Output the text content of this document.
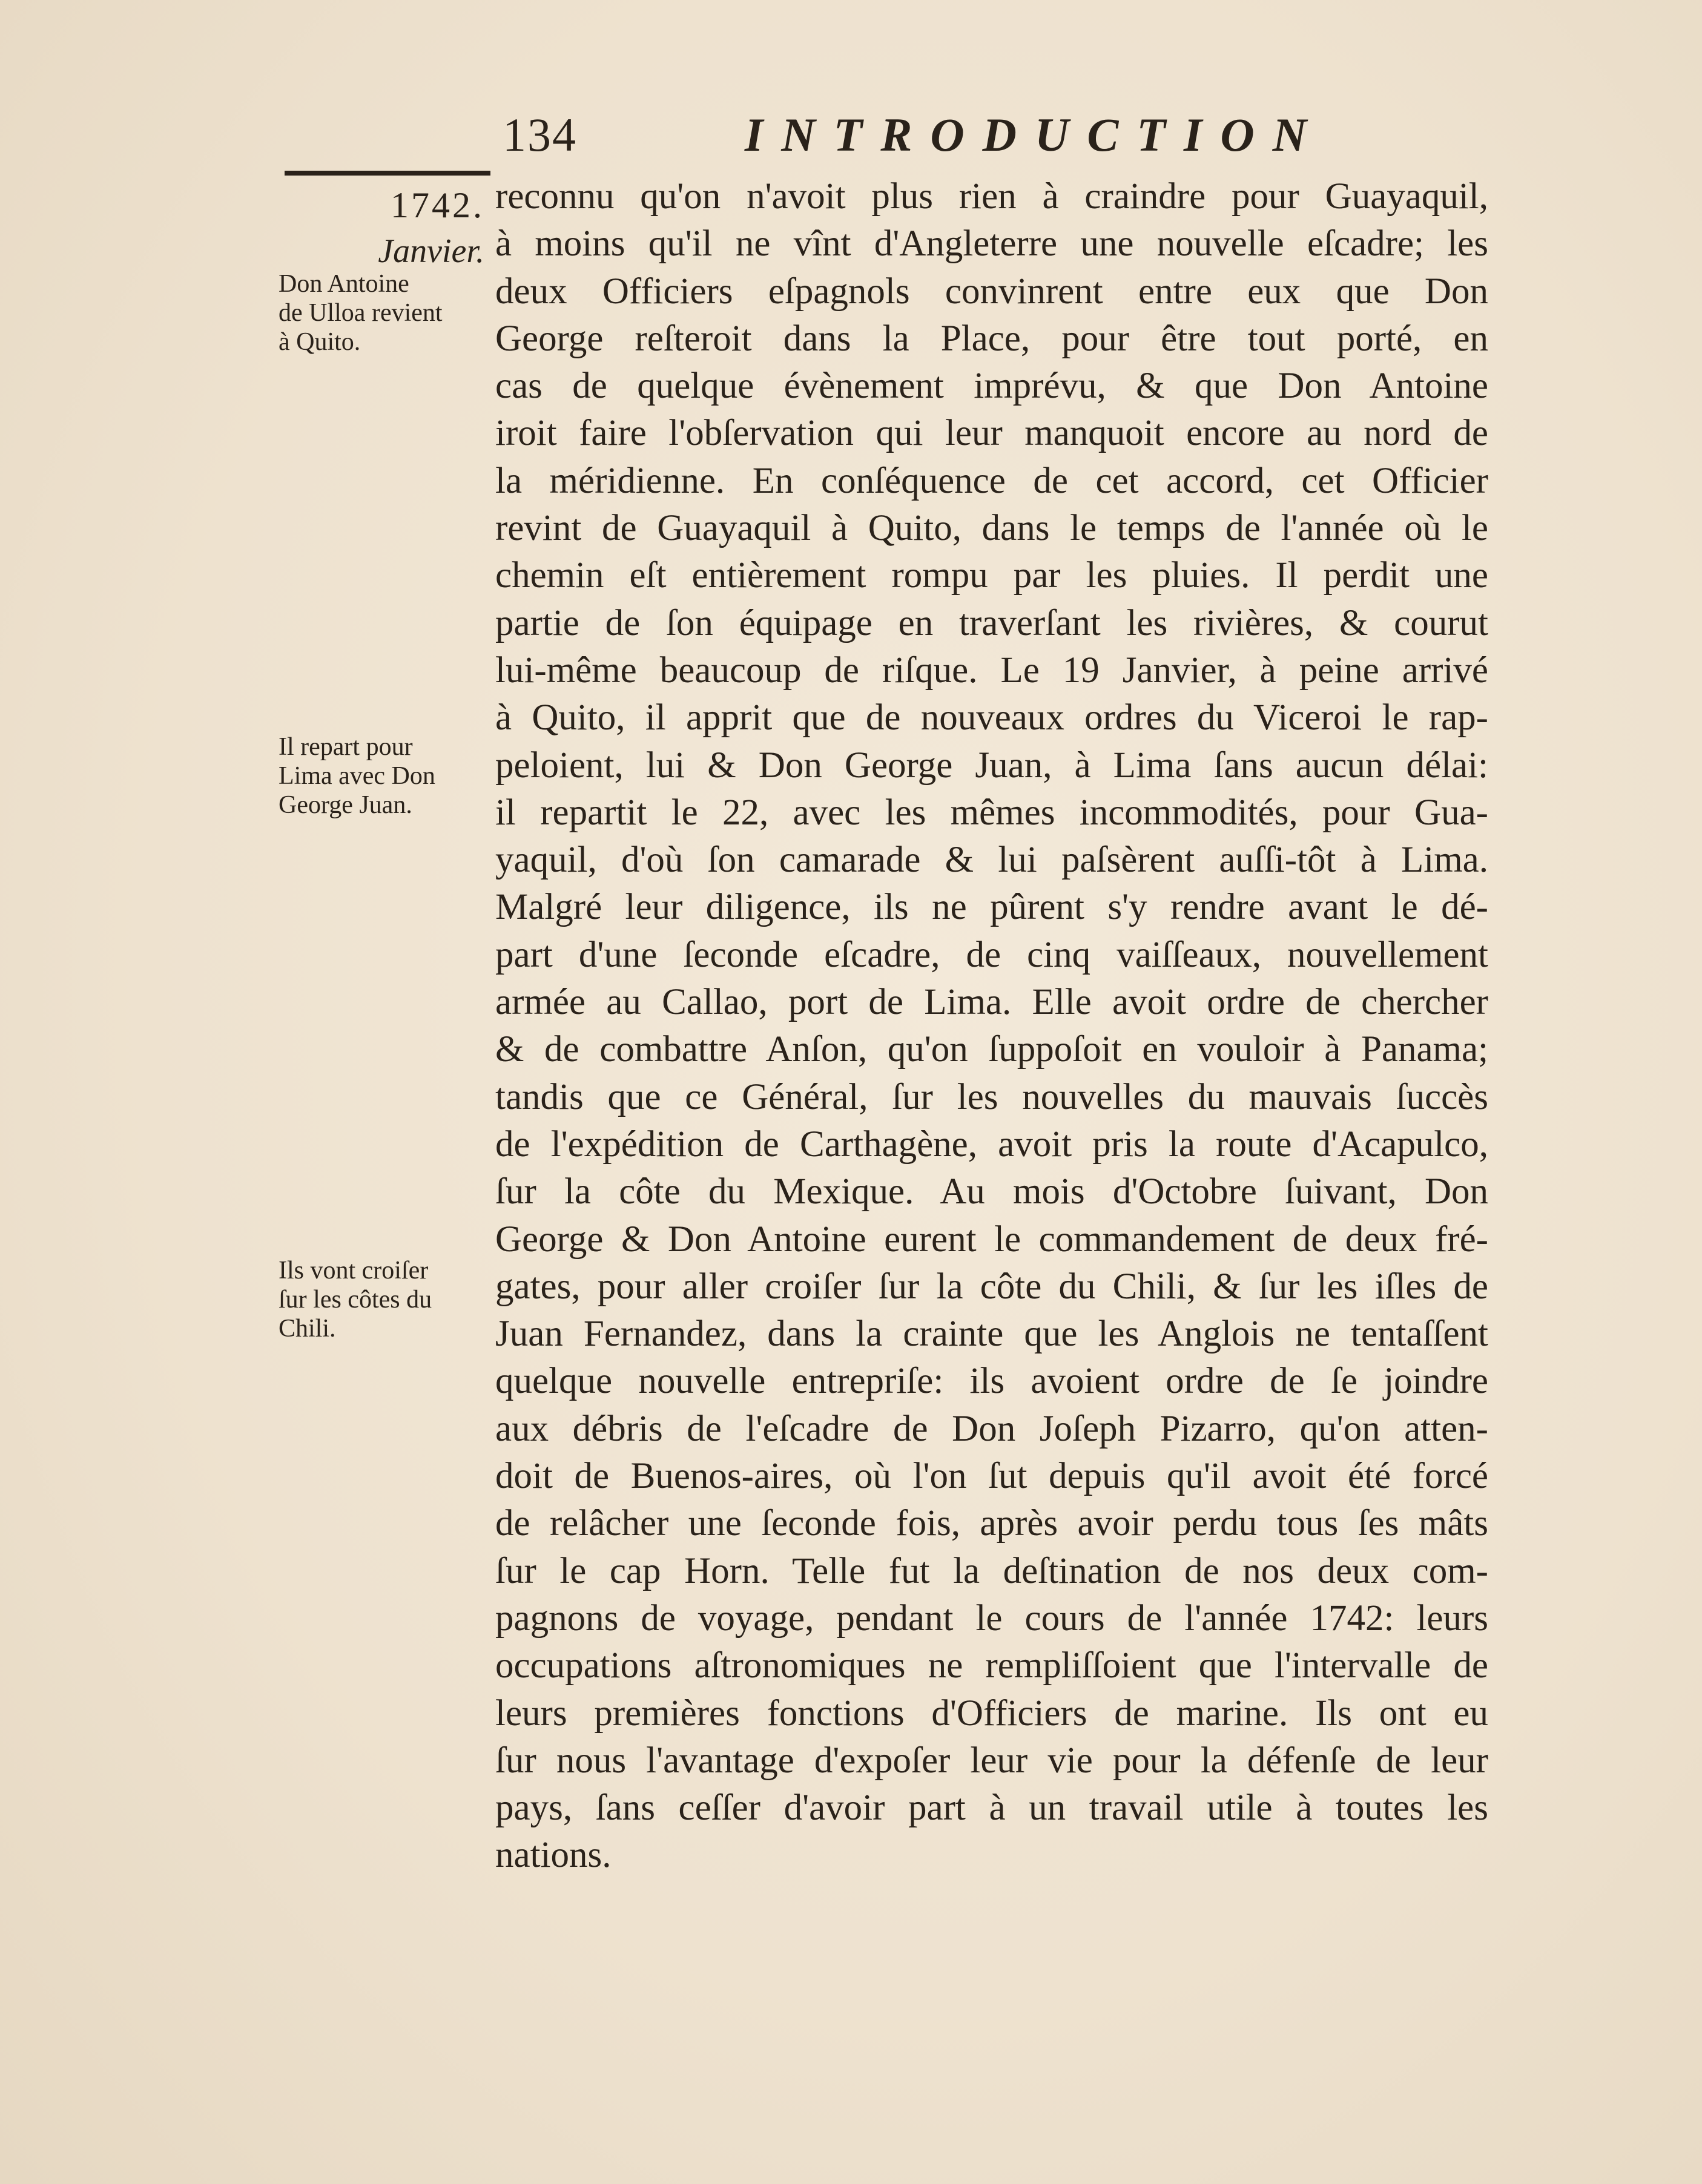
134	INTRODUCTION
1742.
Janvier.
Don Antoine
de Ulloa revient
à Quito.
Il repart pour
Lima avec Don
George Juan.
Ils vont croiſer
ſur les côtes du
Chili.
reconnu qu'on n'avoit plus rien à craindre pour Guayaquil,
à moins qu'il ne vînt d'Angleterre une nouvelle eſcadre; les
deux Officiers eſpagnols convinrent entre eux que Don
George reſteroit dans la Place, pour être tout porté, en
cas de quelque évènement imprévu, & que Don Antoine
iroit faire l'obſervation qui leur manquoit encore au nord de
la méridienne. En conſéquence de cet accord, cet Officier
revint de Guayaquil à Quito, dans le temps de l'année où le
chemin eſt entièrement rompu par les pluies. Il perdit une
partie de ſon équipage en traverſant les rivières, & courut
lui-même beaucoup de riſque. Le 19 Janvier, à peine arrivé
à Quito, il apprit que de nouveaux ordres du Viceroi le rap-
peloient, lui & Don George Juan, à Lima ſans aucun délai:
il repartit le 22, avec les mêmes incommodités, pour Gua-
yaquil, d'où ſon camarade & lui paſsèrent auſſi-tôt à Lima.
Malgré leur diligence, ils ne pûrent s'y rendre avant le dé-
part d'une ſeconde eſcadre, de cinq vaiſſeaux, nouvellement
armée au Callao, port de Lima. Elle avoit ordre de chercher
& de combattre Anſon, qu'on ſuppoſoit en vouloir à Panama;
tandis que ce Général, ſur les nouvelles du mauvais ſuccès
de l'expédition de Carthagène, avoit pris la route d'Acapulco,
ſur la côte du Mexique. Au mois d'Octobre ſuivant, Don
George & Don Antoine eurent le commandement de deux fré-
gates, pour aller croiſer ſur la côte du Chili, & ſur les iſles de
Juan Fernandez, dans la crainte que les Anglois ne tentaſſent
quelque nouvelle entrepriſe: ils avoient ordre de ſe joindre
aux débris de l'eſcadre de Don Joſeph Pizarro, qu'on atten-
doit de Buenos-aires, où l'on ſut depuis qu'il avoit été forcé
de relâcher une ſeconde fois, après avoir perdu tous ſes mâts
ſur le cap Horn. Telle fut la deſtination de nos deux com-
pagnons de voyage, pendant le cours de l'année 1742: leurs
occupations aſtronomiques ne rempliſſoient que l'intervalle de
leurs premières fonctions d'Officiers de marine. Ils ont eu
ſur nous l'avantage d'expoſer leur vie pour la défenſe de leur
pays, ſans ceſſer d'avoir part à un travail utile à toutes les
nations.
